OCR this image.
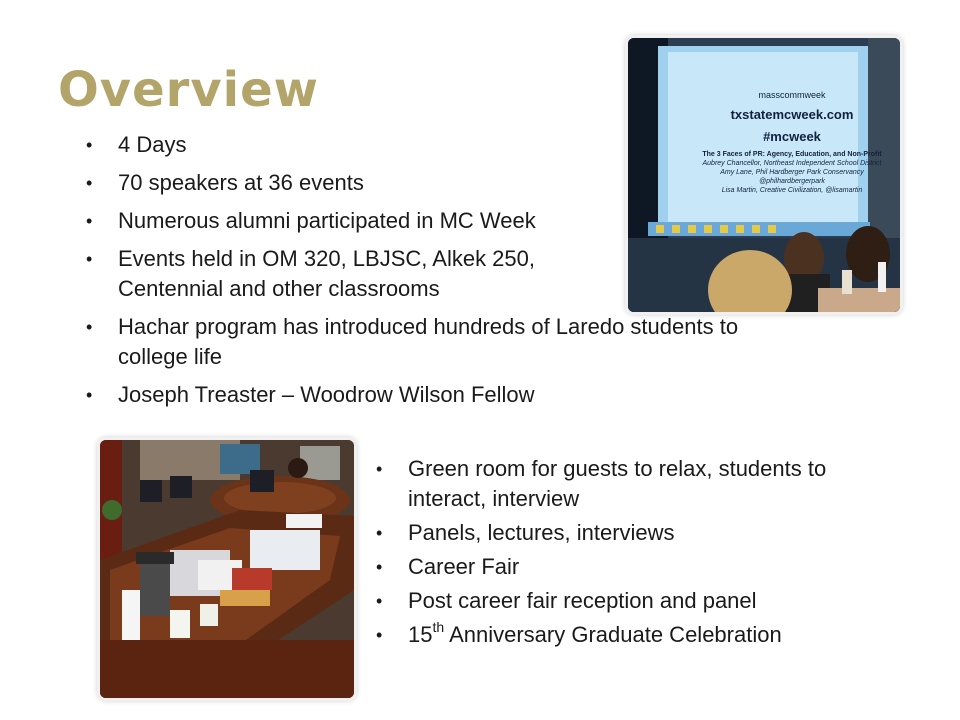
Overview
• 4 Days
• 70 speakers at 36 events
• Numerous alumni participated in MC Week
• Events held in OM 320, LBJSC, Alkek 250,
Centennial and other classrooms
• Hachar program has introduced hundreds of Laredo students to
college life
• Joseph Treaster – Woodrow Wilson Fellow
• Green room for guests to relax, students to
interact, interview
• Panels, lectures, interviews
• Career Fair
• Post career fair reception and panel
• 15th Anniversary Graduate Celebration
masscommweek
txstatemcweek.com
#mcweek
The 3 Faces of PR: Agency, Education, and Non-Profit
Aubrey Chancellor, Northeast Independent School District
Amy Lane, Phil Hardberger Park Conservancy
@philhardbergerpark
Lisa Martin, Creative Civilization, @lisamartin
